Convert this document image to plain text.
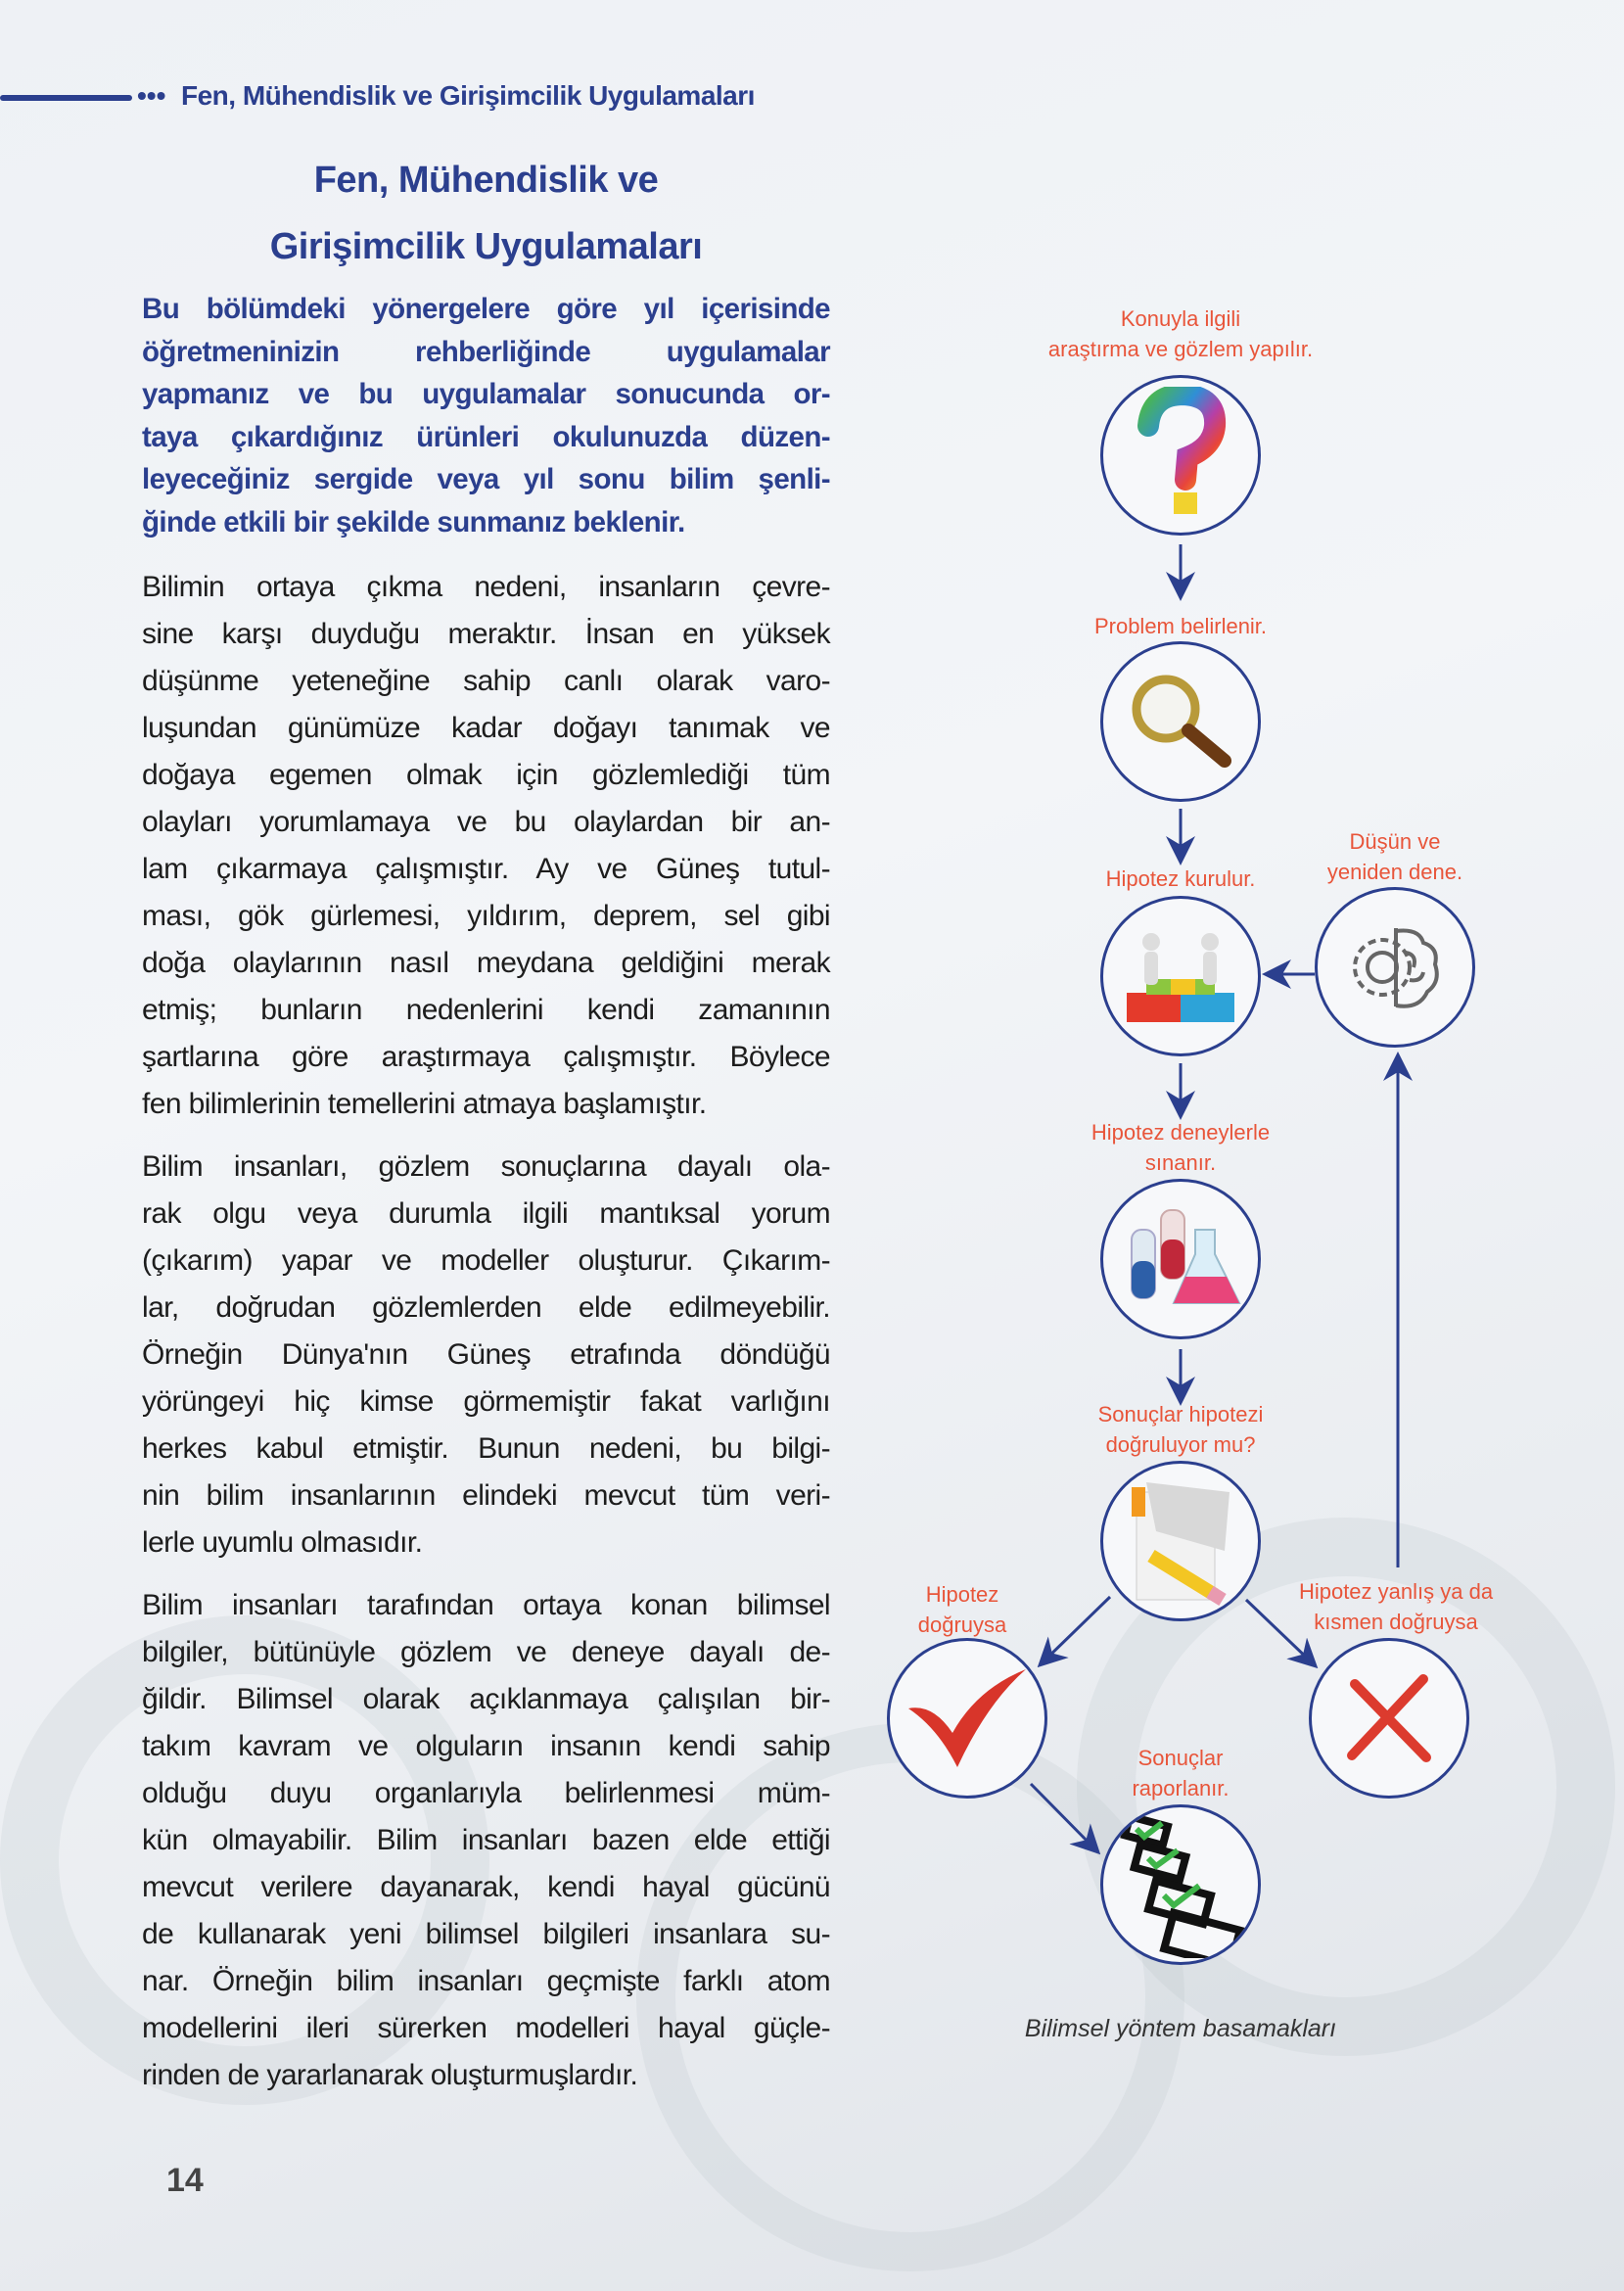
••• Fen, Mühendislik ve Girişimcilik Uygulamaları
Fen, Mühendislik ve
Girişimcilik Uygulamaları
Bu bölümdeki yönergelere göre yıl içerisinde
öğretmeninizin rehberliğinde uygulamalar
yapmanız ve bu uygulamalar sonucunda or-
taya çıkardığınız ürünleri okulunuzda düzen-
leyeceğiniz sergide veya yıl sonu bilim şenli-
ğinde etkili bir şekilde sunmanız beklenir.
Bilimin ortaya çıkma nedeni, insanların çevre-
sine karşı duyduğu meraktır. İnsan en yüksek
düşünme yeteneğine sahip canlı olarak varo-
luşundan günümüze kadar doğayı tanımak ve
doğaya egemen olmak için gözlemlediği tüm
olayları yorumlamaya ve bu olaylardan bir an-
lam çıkarmaya çalışmıştır. Ay ve Güneş tutul-
ması, gök gürlemesi, yıldırım, deprem, sel gibi
doğa olaylarının nasıl meydana geldiğini merak
etmiş; bunların nedenlerini kendi zamanının
şartlarına göre araştırmaya çalışmıştır. Böylece
fen bilimlerinin temellerini atmaya başlamıştır.
Bilim insanları, gözlem sonuçlarına dayalı ola-
rak olgu veya durumla ilgili mantıksal yorum
(çıkarım) yapar ve modeller oluşturur. Çıkarım-
lar, doğrudan gözlemlerden elde edilmeyebilir.
Örneğin Dünya'nın Güneş etrafında döndüğü
yörüngeyi hiç kimse görmemiştir fakat varlığını
herkes kabul etmiştir. Bunun nedeni, bu bilgi-
nin bilim insanlarının elindeki mevcut tüm veri-
lerle uyumlu olmasıdır.
Bilim insanları tarafından ortaya konan bilimsel
bilgiler, bütünüyle gözlem ve deneye dayalı de-
ğildir. Bilimsel olarak açıklanmaya çalışılan bir-
takım kavram ve olguların insanın kendi sahip
olduğu duyu organlarıyla belirlenmesi müm-
kün olmayabilir. Bilim insanları bazen elde ettiği
mevcut verilere dayanarak, kendi hayal gücünü
de kullanarak yeni bilimsel bilgileri insanlara su-
nar. Örneğin bilim insanları geçmişte farklı atom
modellerini ileri sürerken modelleri hayal güçle-
rinden de yararlanarak oluşturmuşlardır.
14
Konuyla ilgili
araştırma ve gözlem yapılır.
Problem belirlenir.
Hipotez kurulur.
Düşün ve
yeniden dene.
Hipotez deneylerle
sınanır.
Sonuçlar hipotezi
doğruluyor mu?
Hipotez
doğruysa
Hipotez yanlış ya da
kısmen doğruysa
Sonuçlar
raporlanır.
Bilimsel yöntem basamakları
